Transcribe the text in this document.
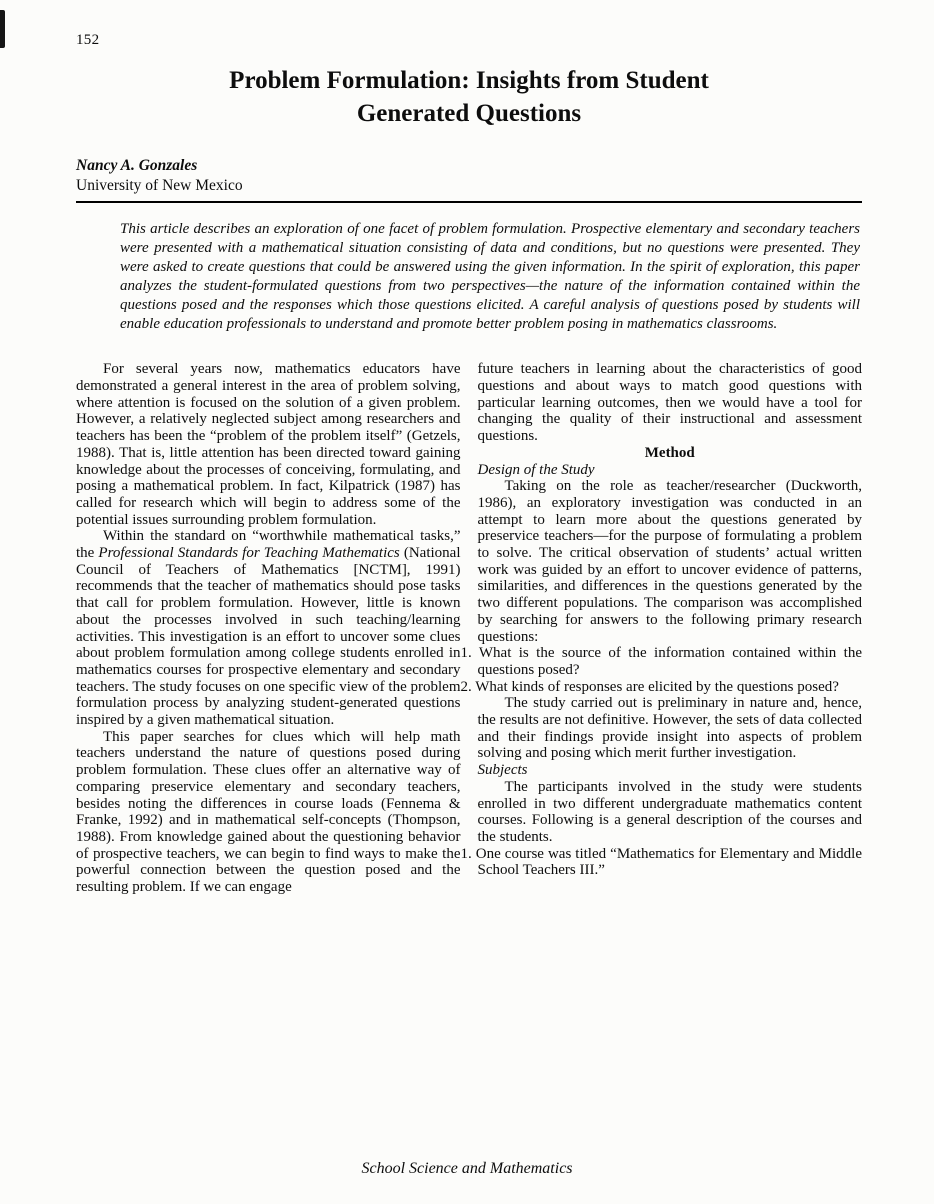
152
Problem Formulation: Insights from Student
Generated Questions
Nancy A. Gonzales
University of New Mexico

This article describes an exploration of one facet of problem formulation. Prospective elementary and secondary teachers were presented with a mathematical situation consisting of data and conditions, but no questions were presented. They were asked to create questions that could be answered using the given information. In the spirit of exploration, this paper analyzes the student-formulated questions from two perspectives—the nature of the information contained within the questions posed and the responses which those questions elicited. A careful analysis of questions posed by students will enable education professionals to understand and promote better problem posing in mathematics classrooms.

For several years now, mathematics educators have demonstrated a general interest in the area of problem solving, where attention is focused on the solution of a given problem. However, a relatively neglected subject among researchers and teachers has been the “problem of the problem itself” (Getzels, 1988). That is, little attention has been directed toward gaining knowledge about the processes of conceiving, formulating, and posing a mathematical problem. In fact, Kilpatrick (1987) has called for research which will begin to address some of the potential issues surrounding problem formulation.

Within the standard on “worthwhile mathematical tasks,” the Professional Standards for Teaching Mathematics (National Council of Teachers of Mathematics [NCTM], 1991) recommends that the teacher of mathematics should pose tasks that call for problem formulation. However, little is known about the processes involved in such teaching/learning activities. This investigation is an effort to uncover some clues about problem formulation among college students enrolled in mathematics courses for prospective elementary and secondary teachers. The study focuses on one specific view of the problem formulation process by analyzing student-generated questions inspired by a given mathematical situation.

This paper searches for clues which will help math teachers understand the nature of questions posed during problem formulation. These clues offer an alternative way of comparing preservice elementary and secondary teachers, besides noting the differences in course loads (Fennema & Franke, 1992) and in mathematical self-concepts (Thompson, 1988). From knowledge gained about the questioning behavior of prospective teachers, we can begin to find ways to make the powerful connection between the question posed and the resulting problem. If we can engage

future teachers in learning about the characteristics of good questions and about ways to match good questions with particular learning outcomes, then we would have a tool for changing the quality of their instructional and assessment questions.

Method

Design of the Study

Taking on the role as teacher/researcher (Duckworth, 1986), an exploratory investigation was conducted in an attempt to learn more about the questions generated by preservice teachers—for the purpose of formulating a problem to solve. The critical observation of students’ actual written work was guided by an effort to uncover evidence of patterns, similarities, and differences in the questions generated by the two different populations. The comparison was accomplished by searching for answers to the following primary research questions:

1. What is the source of the information contained within the questions posed?

2. What kinds of responses are elicited by the questions posed?

The study carried out is preliminary in nature and, hence, the results are not definitive. However, the sets of data collected and their findings provide insight into aspects of problem solving and posing which merit further investigation.

Subjects

The participants involved in the study were students enrolled in two different undergraduate mathematics content courses. Following is a general description of the courses and the students.

1. One course was titled “Mathematics for Elementary and Middle School Teachers III.”

School Science and Mathematics
